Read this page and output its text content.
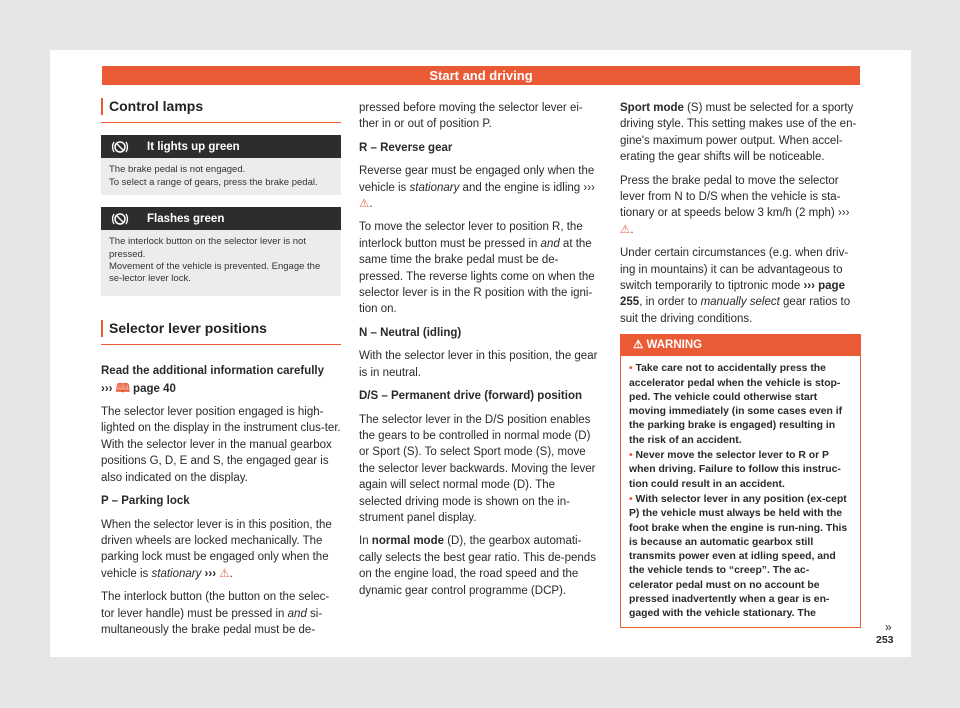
Start and driving
Control lamps
It lights up green
The brake pedal is not engaged.
To select a range of gears, press the brake pedal.
Flashes green
The interlock button on the selector lever is not pressed.
Movement of the vehicle is prevented. Engage the se-lector lever lock.
Selector lever positions

Read the additional information carefully
››› 🕮 page 40

The selector lever position engaged is high-lighted on the display in the instrument clus-ter. With the selector lever in the manual gearbox positions G, D, E and S, the engaged gear is also indicated on the display.

P – Parking lock

When the selector lever is in this position, the driven wheels are locked mechanically. The parking lock must be engaged only when the vehicle is stationary ››› ⚠.

The interlock button (the button on the selec-tor lever handle) must be pressed in and si-multaneously the brake pedal must be de-

pressed before moving the selector lever ei-ther in or out of position P.

R – Reverse gear

Reverse gear must be engaged only when the vehicle is stationary and the engine is idling ››› ⚠.

To move the selector lever to position R, the interlock button must be pressed in and at the same time the brake pedal must be de-pressed. The reverse lights come on when the selector lever is in the R position with the igni-tion on.

N – Neutral (idling)

With the selector lever in this position, the gear is in neutral.

D/S – Permanent drive (forward) position

The selector lever in the D/S position enables the gears to be controlled in normal mode (D) or Sport (S). To select Sport mode (S), move the selector lever backwards. Moving the lever again will select normal mode (D). The selected driving mode is shown on the in-strument panel display.

In normal mode (D), the gearbox automati-cally selects the best gear ratio. This de-pends on the engine load, the road speed and the dynamic gear control programme (DCP).

Sport mode (S) must be selected for a sporty driving style. This setting makes use of the en-gine's maximum power output. When accel-erating the gear shifts will be noticeable.

Press the brake pedal to move the selector lever from N to D/S when the vehicle is sta-tionary or at speeds below 3 km/h (2 mph) ››› ⚠.

Under certain circumstances (e.g. when driv-ing in mountains) it can be advantageous to switch temporarily to tiptronic mode ››› page 255, in order to manually select gear ratios to suit the driving conditions.

⚠ WARNING
• Take care not to accidentally press the accelerator pedal when the vehicle is stop-ped. The vehicle could otherwise start moving immediately (in some cases even if the parking brake is engaged) resulting in the risk of an accident.
• Never move the selector lever to R or P when driving. Failure to follow this instruc-tion could result in an accident.
• With selector lever in any position (ex-cept P) the vehicle must always be held with the foot brake when the engine is run-ning. This is because an automatic gearbox still transmits power even at idling speed, and the vehicle tends to “creep”. The ac-celerator pedal must on no account be pressed inadvertently when a gear is en-gaged with the vehicle stationary. The
»
253
